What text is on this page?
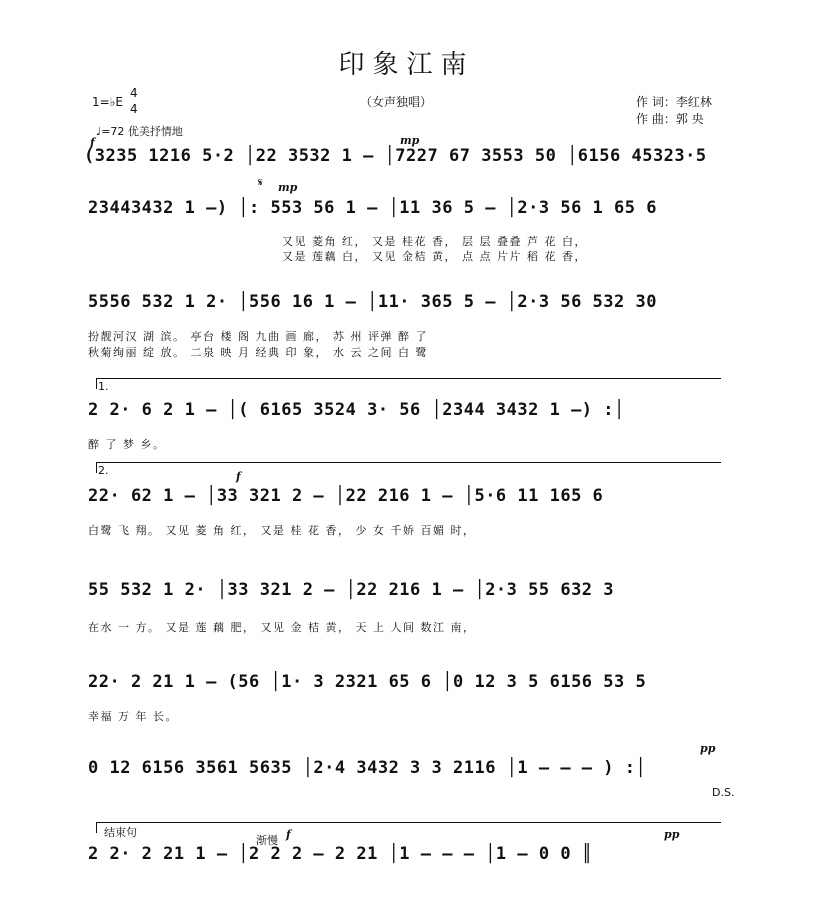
印象江南
（女声独唱）	作 词：李红林
作 曲：郭 央
1=♭E
4
4
♩=72 优美抒情地
f	mp
(3235 1216 5·2 │22 3532 1 – │7227 67 3553 50 │6156 45323·5
𝄋 mp
23443432 1 –) │: 553 56 1 – │11 36 5 – │2·3 56 1 65 6
又见 菱角 红， 又是 桂花 香， 层 层 叠叠 芦 花 白，
又是 莲藕 白， 又见 金桔 黄， 点 点 片片 稻 花 香，
5556 532 1 2· │556 16 1 – │11· 365 5 – │2·3 56 532 30
扮靓河汉 湖 滨。 亭台 楼 阁 九曲 画 廊， 苏 州 评弹 醉 了
秋菊绚丽 绽 放。 二泉 映 月 经典 印 象， 水 云 之间 白 鹭
1.
2 2· 6 2 1 – │( 6165 3524 3· 56 │2344 3432 1 –) :│
醉 了 梦 乡。
2.	f
22· 62 1 – │33 321 2 – │22 216 1 – │5·6 11 165 6
白鹭 飞 翔。 又见 菱 角 红， 又是 桂 花 香， 少 女 千娇 百媚 时，
55 532 1 2· │33 321 2 – │22 216 1 – │2·3 55 632 3
在水 一 方。 又是 莲 藕 肥， 又见 金 桔 黄， 天 上 人间 数江 南，
22· 2 21 1 – (56 │1· 3 2321 65 6 │0 12 3 5 6156 53 5
幸福 万 年 长。
pp
0 12 6156 3561 5635 │2·4 3432 3 3 2116 │1 – – – ) :│
D.S.
结束句
渐慢 f	pp
2 2· 2 21 1 – │2 2 2 – 2 21 │1 – – – │1 – 0 0 ║
